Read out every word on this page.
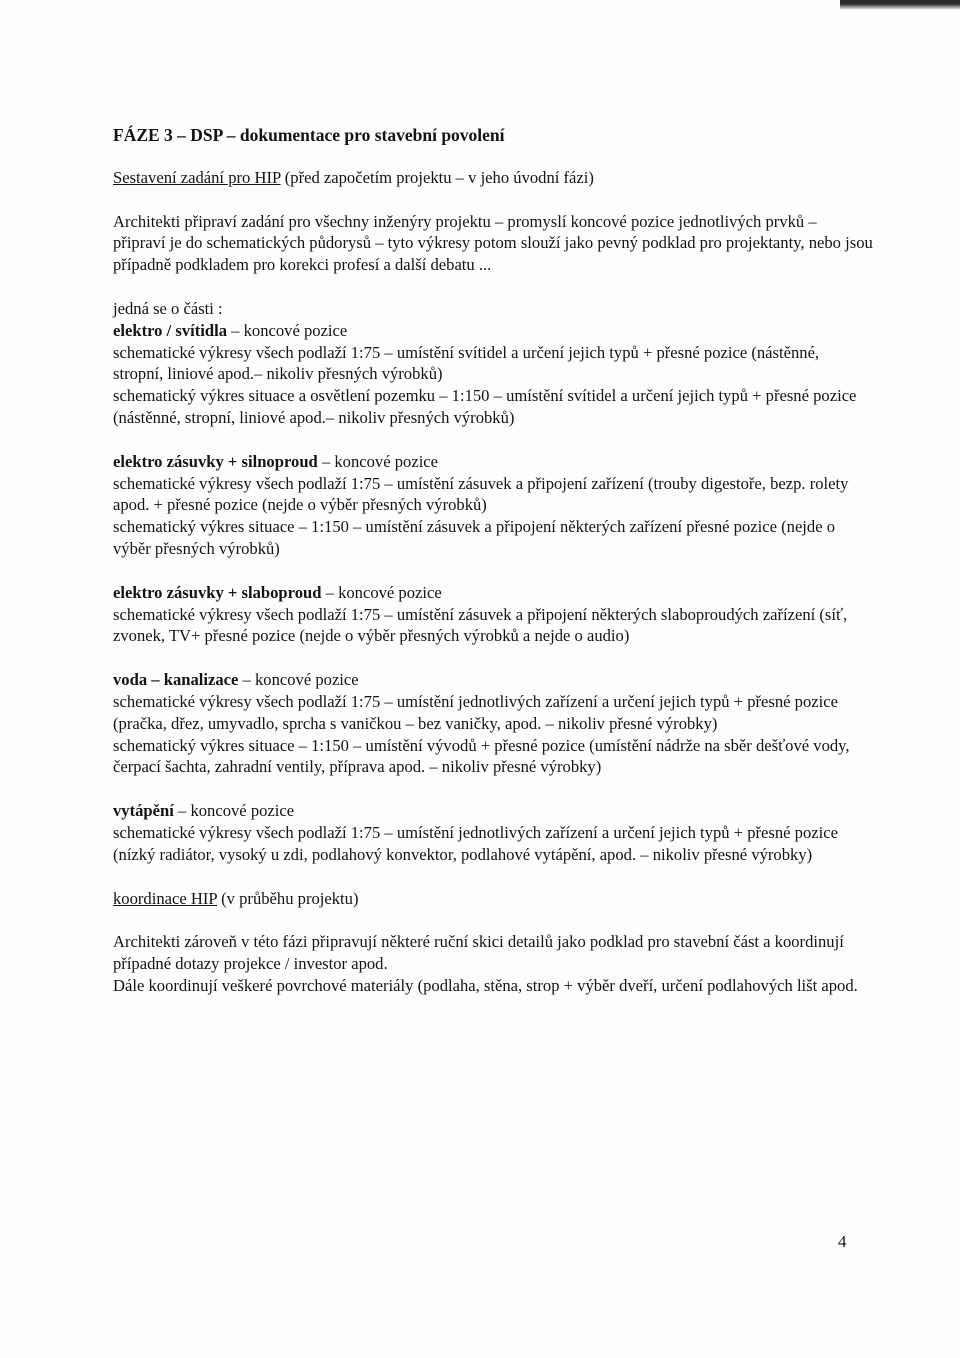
FÁZE 3 – DSP – dokumentace pro stavební povolení

Sestavení zadání pro HIP (před započetím projektu – v jeho úvodní fázi)

Architekti připraví zadání pro všechny inženýry projektu – promyslí koncové pozice jednotlivých prvků – připraví je do schematických půdorysů – tyto výkresy potom slouží jako pevný podklad pro projektanty, nebo jsou případně podkladem pro korekci profesí a další debatu ...

jedná se o části :

elektro / svítidla – koncové pozice

schematické výkresy všech podlaží 1:75 – umístění svítidel a určení jejich typů + přesné pozice (nástěnné, stropní, liniové apod.– nikoliv přesných výrobků)

schematický výkres situace a osvětlení pozemku – 1:150 – umístění svítidel a určení jejich typů + přesné pozice (nástěnné, stropní, liniové apod.– nikoliv přesných výrobků)

elektro zásuvky + silnoproud – koncové pozice

schematické výkresy všech podlaží 1:75 – umístění zásuvek a připojení zařízení (trouby digestoře, bezp. rolety apod. + přesné pozice (nejde o výběr přesných výrobků)

schematický výkres situace – 1:150 – umístění zásuvek a připojení některých zařízení přesné pozice (nejde o výběr přesných výrobků)

elektro zásuvky + slaboproud – koncové pozice

schematické výkresy všech podlaží 1:75 – umístění zásuvek a připojení některých slaboproudých zařízení (síť, zvonek, TV+ přesné pozice (nejde o výběr přesných výrobků a nejde o audio)

voda – kanalizace – koncové pozice

schematické výkresy všech podlaží 1:75 – umístění jednotlivých zařízení a určení jejich typů + přesné pozice (pračka, dřez, umyvadlo, sprcha s vaničkou – bez vaničky, apod. – nikoliv přesné výrobky)

schematický výkres situace – 1:150 – umístění vývodů + přesné pozice (umístění nádrže na sběr dešťové vody, čerpací šachta, zahradní ventily, příprava apod. – nikoliv přesné výrobky)

vytápění – koncové pozice

schematické výkresy všech podlaží 1:75 – umístění jednotlivých zařízení a určení jejich typů + přesné pozice (nízký radiátor, vysoký u zdi, podlahový konvektor, podlahové vytápění, apod. – nikoliv přesné výrobky)

koordinace HIP (v průběhu projektu)

Architekti zároveň v této fázi připravují některé ruční skici detailů jako podklad pro stavební část a koordinují případné dotazy projekce / investor apod.

Dále koordinují veškeré povrchové materiály (podlaha, stěna, strop + výběr dveří, určení podlahových lišt apod.

4
